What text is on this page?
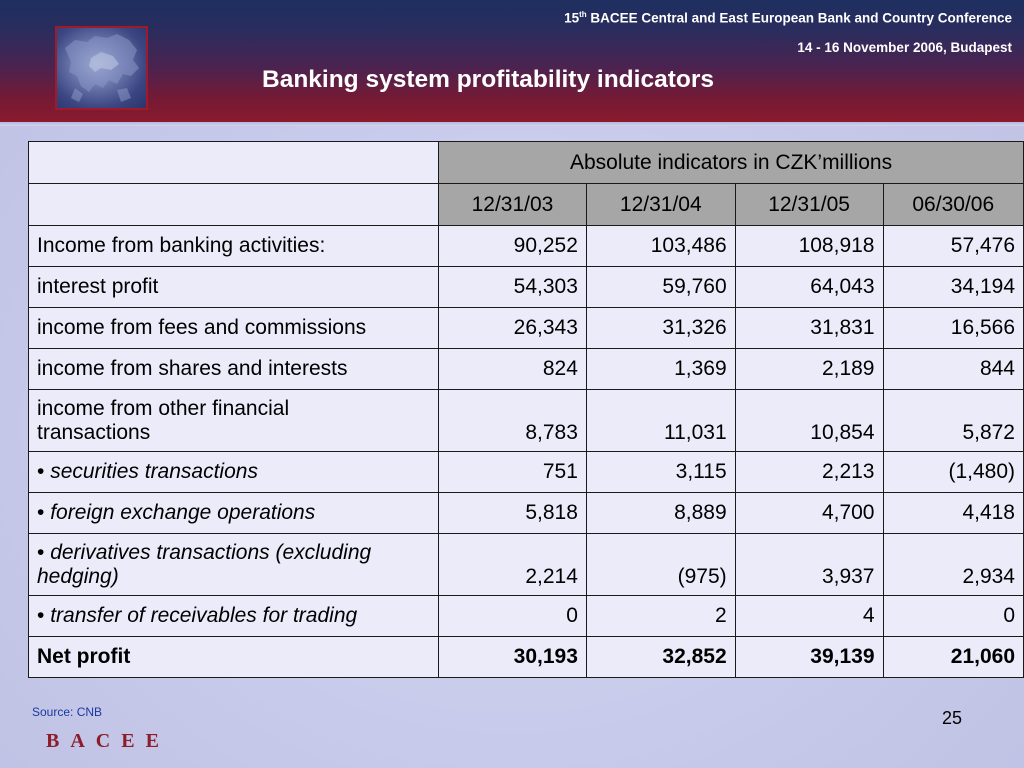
15th BACEE Central and East European Bank and Country Conference
14 - 16 November 2006, Budapest
Banking system profitability indicators
	Absolute indicators in CZK’millions			
	12/31/03	12/31/04	12/31/05	06/30/06
Income from banking activities:	90,252	103,486	108,918	57,476
interest profit	54,303	59,760	64,043	34,194
income from fees and commissions	26,343	31,326	31,831	16,566
income from shares and interests	824	1,369	2,189	844
income from other financial
transactions	8,783	11,031	10,854	5,872
• securities transactions	751	3,115	2,213	(1,480)
• foreign exchange operations	5,818	8,889	4,700	4,418
• derivatives transactions (excluding
hedging)	2,214	(975)	3,937	2,934
• transfer of receivables for trading	0	2	4	0
Net profit	30,193	32,852	39,139	21,060
Source: CNB	25
BACEE
